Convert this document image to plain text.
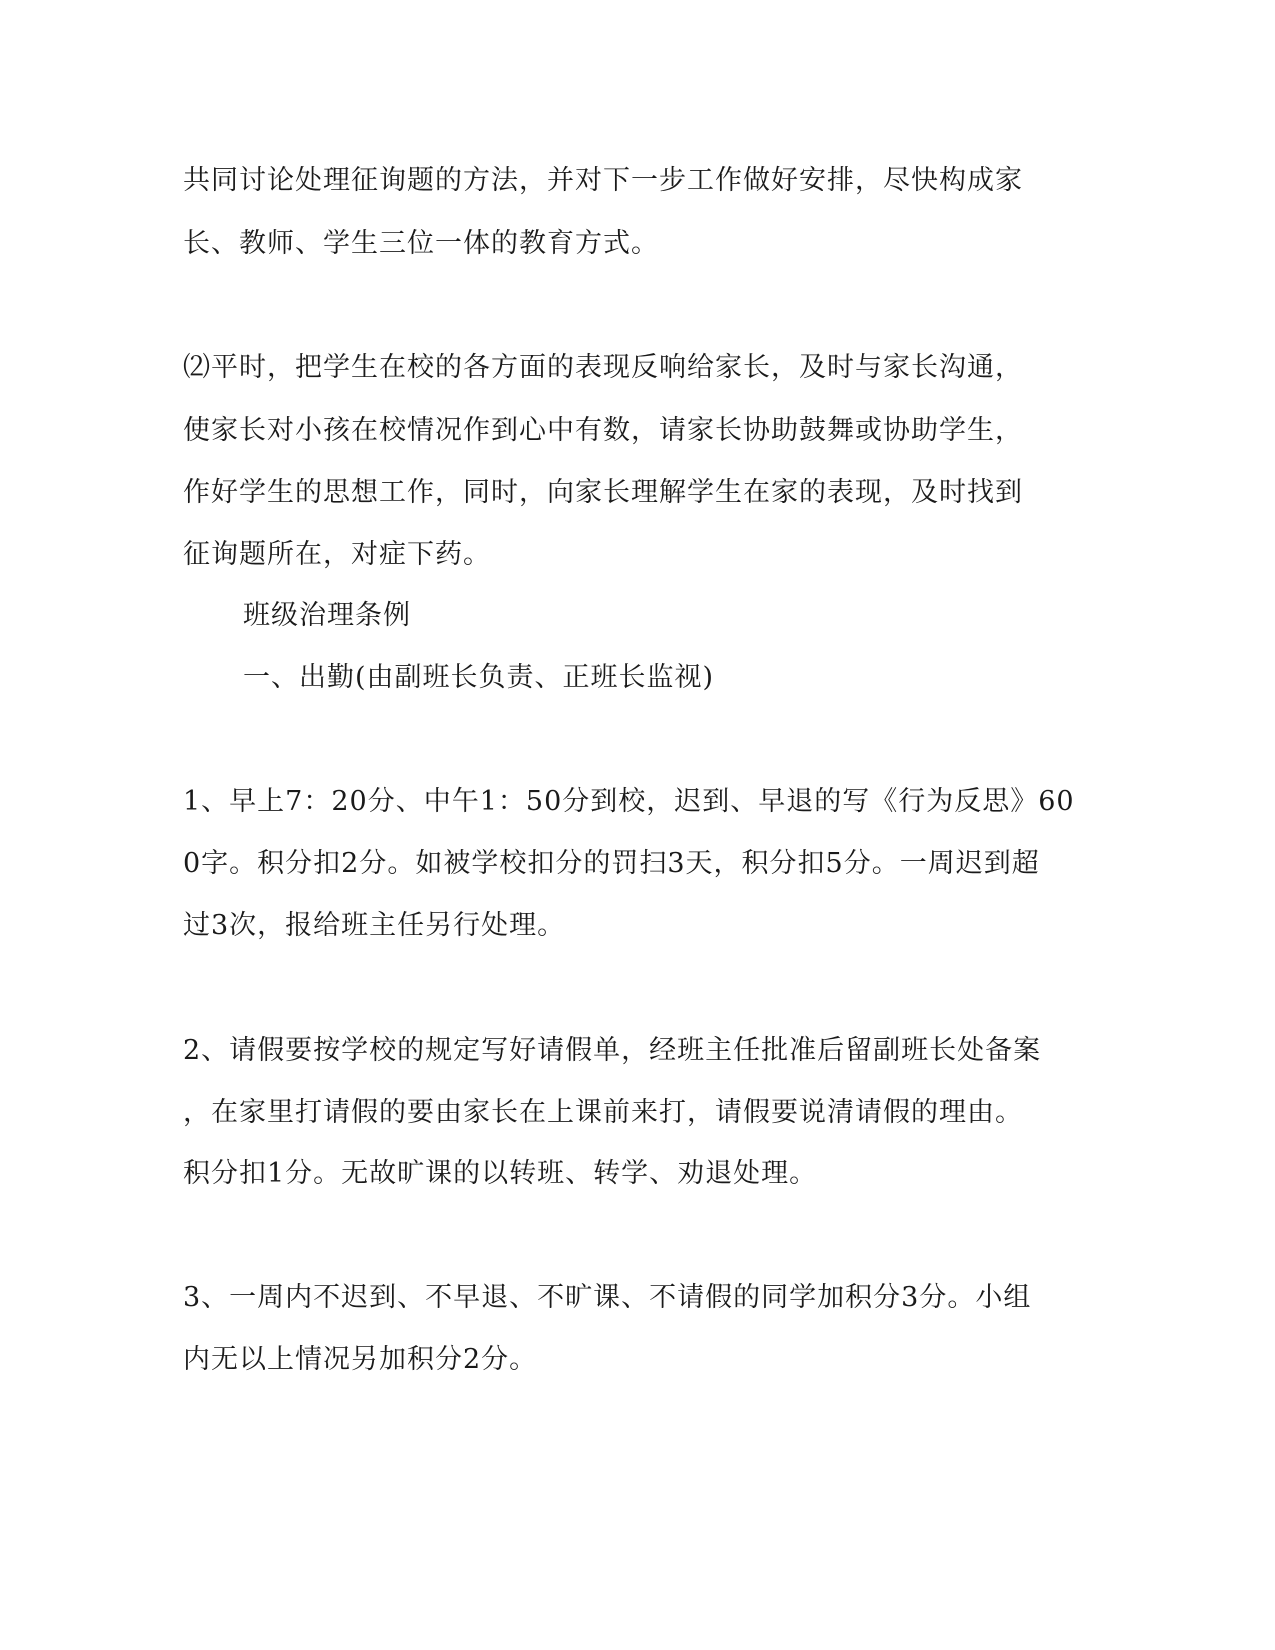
共同讨论处理征询题的方法，并对下一步工作做好安排，尽快构成家
长、教师、学生三位一体的教育方式。
⑵平时，把学生在校的各方面的表现反响给家长，及时与家长沟通，
使家长对小孩在校情况作到心中有数，请家长协助鼓舞或协助学生，
作好学生的思想工作，同时，向家长理解学生在家的表现，及时找到
征询题所在，对症下药。
班级治理条例
一、出勤(由副班长负责、正班长监视)
1、早上7：20分、中午1：50分到校，迟到、早退的写《行为反思》60
0字。积分扣2分。如被学校扣分的罚扫3天，积分扣5分。一周迟到超
过3次，报给班主任另行处理。
2、请假要按学校的规定写好请假单，经班主任批准后留副班长处备案
，在家里打请假的要由家长在上课前来打，请假要说清请假的理由。
积分扣1分。无故旷课的以转班、转学、劝退处理。
3、一周内不迟到、不早退、不旷课、不请假的同学加积分3分。小组
内无以上情况另加积分2分。
